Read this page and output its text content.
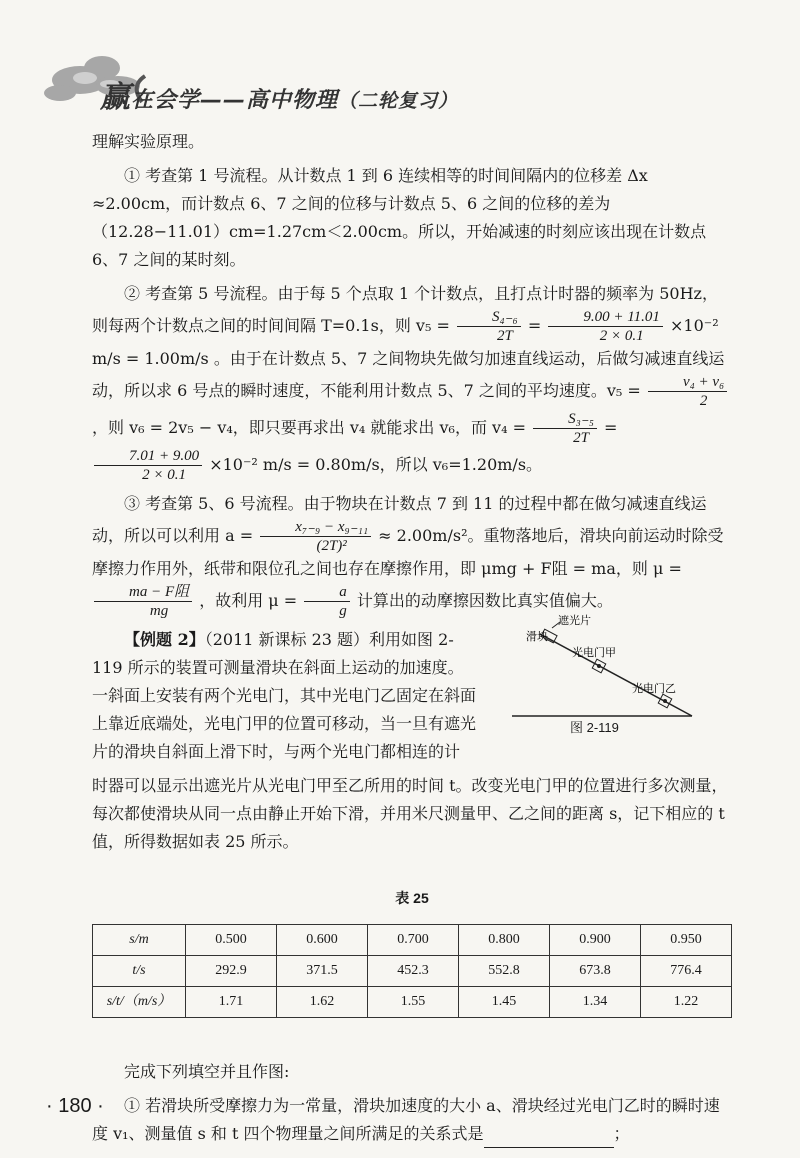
赢在会学——高中物理（二轮复习）

理解实验原理。

① 考查第 1 号流程。从计数点 1 到 6 连续相等的时间间隔内的位移差 Δx ≈2.00cm，而计数点 6、7 之间的位移与计数点 5、6 之间的位移的差为（12.28−11.01）cm=1.27cm＜2.00cm。所以，开始减速的时刻应该出现在计数点 6、7 之间的某时刻。

② 考查第 5 号流程。由于每 5 个点取 1 个计数点，且打点计时器的频率为 50Hz，则每两个计数点之间的时间间隔 T=0.1s，则 $v_5 = \frac{\text{S₄₋₆}}{2T} = \frac{9.00 + 11.01}{2 \times 0.1} \times 10^{-2}$ m/s = 1.00m/s 。由于在计数点 5、7 之间物块先做匀加速直线运动，后做匀减速直线运动，所以求 6 号点的瞬时速度，不能利用计数点 5、7 之间的平均速度。$v_5 = \frac{\text{v₄ + v₆}}{2}$
，则 v₆ = 2v₅ − v₄，即只要再求出 v₄ 就能求出 v₆，而 $v_4 = \frac{\text{S₃₋₅}}{2T}$ =
$\frac{7.01 + 9.00}{2 \times 0.1} \times 10^{-2}$ m/s = 0.80m/s，所以 v₆=1.20m/s。

③ 考查第 5、6 号流程。由于物块在计数点 7 到 11 的过程中都在做匀减速直线运动，所以可以利用 $a = \frac{\text{x₇₋₉ − x₉₋₁₁}}{\text{(2T)²}} \approx 2.00m/s^2$。重物落地后，滑块向前运动时除受摩擦力作用外，纸带和限位孔之间也存在摩擦作用，即 μmg + F阻 = ma，则 μ =
$\frac{\text{ma − F阻}}{mg}$ ，故利用 $\mu = \frac{a}{g}$ 计算出的动摩擦因数比真实值偏大。

【例题 2】（2011 新课标 23 题）利用如图 2-119 所示的装置可测量滑块在斜面上运动的加速度。一斜面上安装有两个光电门，其中光电门乙固定在斜面上靠近底端处，光电门甲的位置可移动，当一旦有遮光片的滑块自斜面上滑下时，与两个光电门都相连的计

遮光片
滑块
光电门甲
光电门乙
图 2-119

时器可以显示出遮光片从光电门甲至乙所用的时间 t。改变光电门甲的位置进行多次测量，每次都使滑块从同一点由静止开始下滑，并用米尺测量甲、乙之间的距离 s，记下相应的 t 值，所得数据如表 25 所示。

表 25
s/m	0.500	0.600	0.700	0.800	0.900	0.950
t/s	292.9	371.5	452.3	552.8	673.8	776.4
s/t/（m/s）	1.71	1.62	1.55	1.45	1.34	1.22

完成下列填空并且作图:

① 若滑块所受摩擦力为一常量，滑块加速度的大小 a、滑块经过光电门乙时的瞬时速度 v₁、测量值 s 和 t 四个物理量之间所满足的关系式是	；

· 180 ·
